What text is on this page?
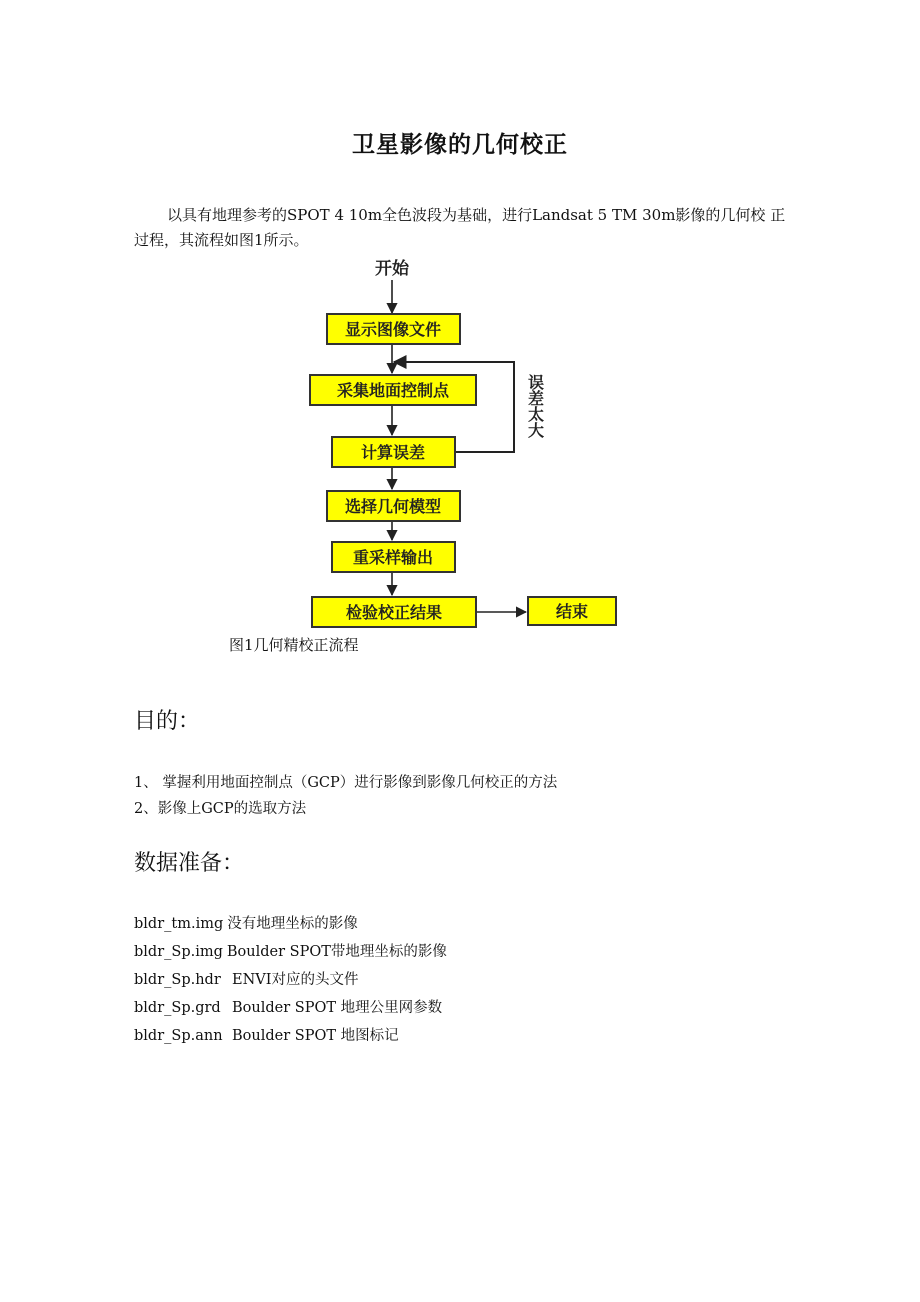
卫星影像的几何校正

以具有地理参考的SPOT 4 10m全色波段为基础，进行Landsat 5 TM 30m影像的几何校 正过程，其流程如图1所示。

开始
显示图像文件
采集地面控制点
计算误差
选择几何模型
重采样输出
检验校正结果	结束
误差太大
图1几何精校正流程
目的：
1、 掌握利用地面控制点（GCP）进行影像到影像几何校正的方法
2、影像上GCP的选取方法
数据准备：
bldr_tm.img 没有地理坐标的影像
bldr_Sp.img Boulder SPOT带地理坐标的影像
bldr_Sp.hdr ENVI对应的头文件
bldr_Sp.grd Boulder SPOT 地理公里网参数
bldr_Sp.ann Boulder SPOT 地图标记
